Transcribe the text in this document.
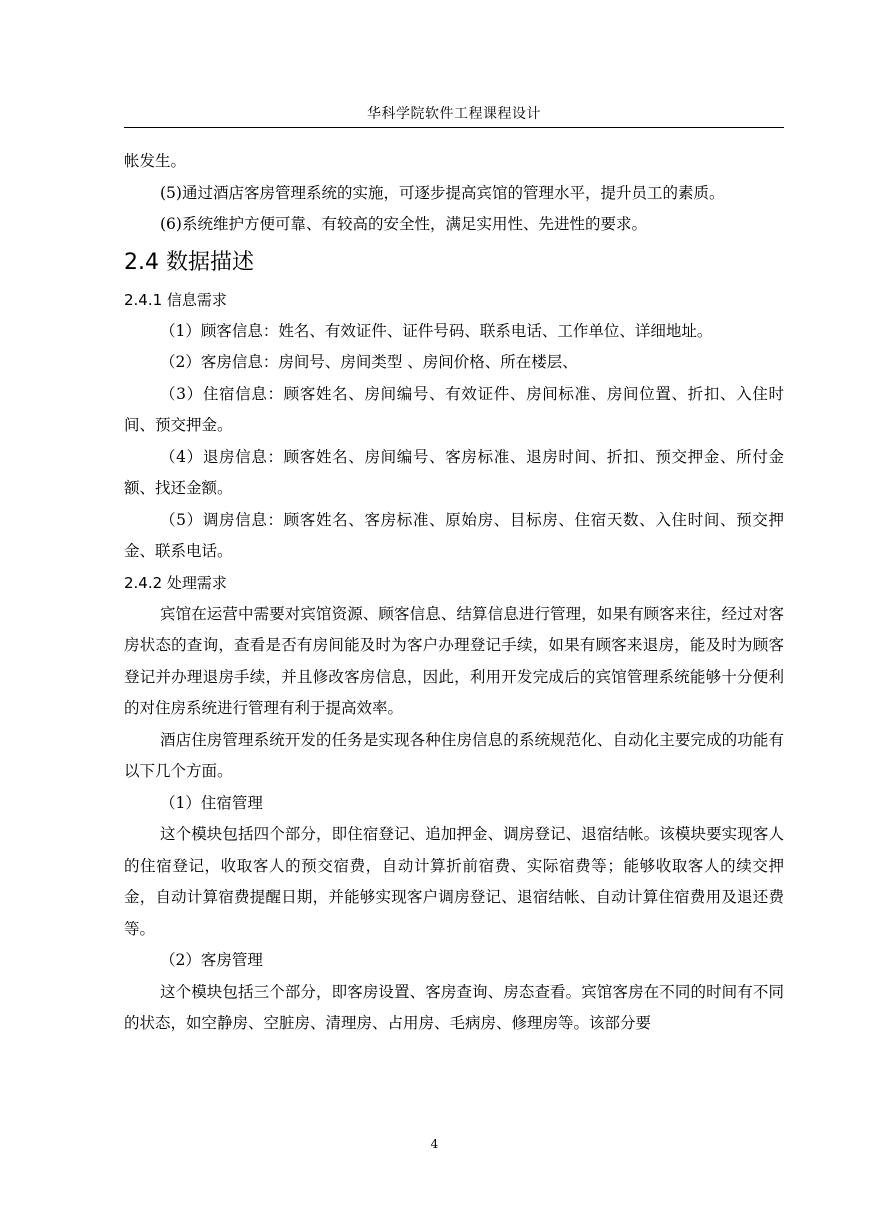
华科学院软件工程课程设计

帐发生。

(5)通过酒店客房管理系统的实施，可逐步提高宾馆的管理水平，提升员工的素质。

(6)系统维护方便可靠、有较高的安全性，满足实用性、先进性的要求。

2.4 数据描述
2.4.1 信息需求

（1）顾客信息：姓名、有效证件、证件号码、联系电话、工作单位、详细地址。

（2）客房信息：房间号、房间类型 、房间价格、所在楼层、

（3）住宿信息：顾客姓名、房间编号、有效证件、房间标准、房间位置、折扣、入住时间、预交押金。

（4）退房信息：顾客姓名、房间编号、客房标准、退房时间、折扣、预交押金、所付金额、找还金额。

（5）调房信息：顾客姓名、客房标准、原始房、目标房、住宿天数、入住时间、预交押金、联系电话。

2.4.2 处理需求

宾馆在运营中需要对宾馆资源、顾客信息、结算信息进行管理，如果有顾客来往，经过对客房状态的查询，查看是否有房间能及时为客户办理登记手续，如果有顾客来退房，能及时为顾客登记并办理退房手续，并且修改客房信息，因此，利用开发完成后的宾馆管理系统能够十分便利的对住房系统进行管理有利于提高效率。

酒店住房管理系统开发的任务是实现各种住房信息的系统规范化、自动化主要完成的功能有以下几个方面。

（1）住宿管理

这个模块包括四个部分，即住宿登记、追加押金、调房登记、退宿结帐。该模块要实现客人的住宿登记，收取客人的预交宿费，自动计算折前宿费、实际宿费等；能够收取客人的续交押金，自动计算宿费提醒日期，并能够实现客户调房登记、退宿结帐、自动计算住宿费用及退还费等。

（2）客房管理

这个模块包括三个部分，即客房设置、客房查询、房态查看。宾馆客房在不同的时间有不同的状态，如空静房、空脏房、清理房、占用房、毛病房、修理房等。该部分要

4
